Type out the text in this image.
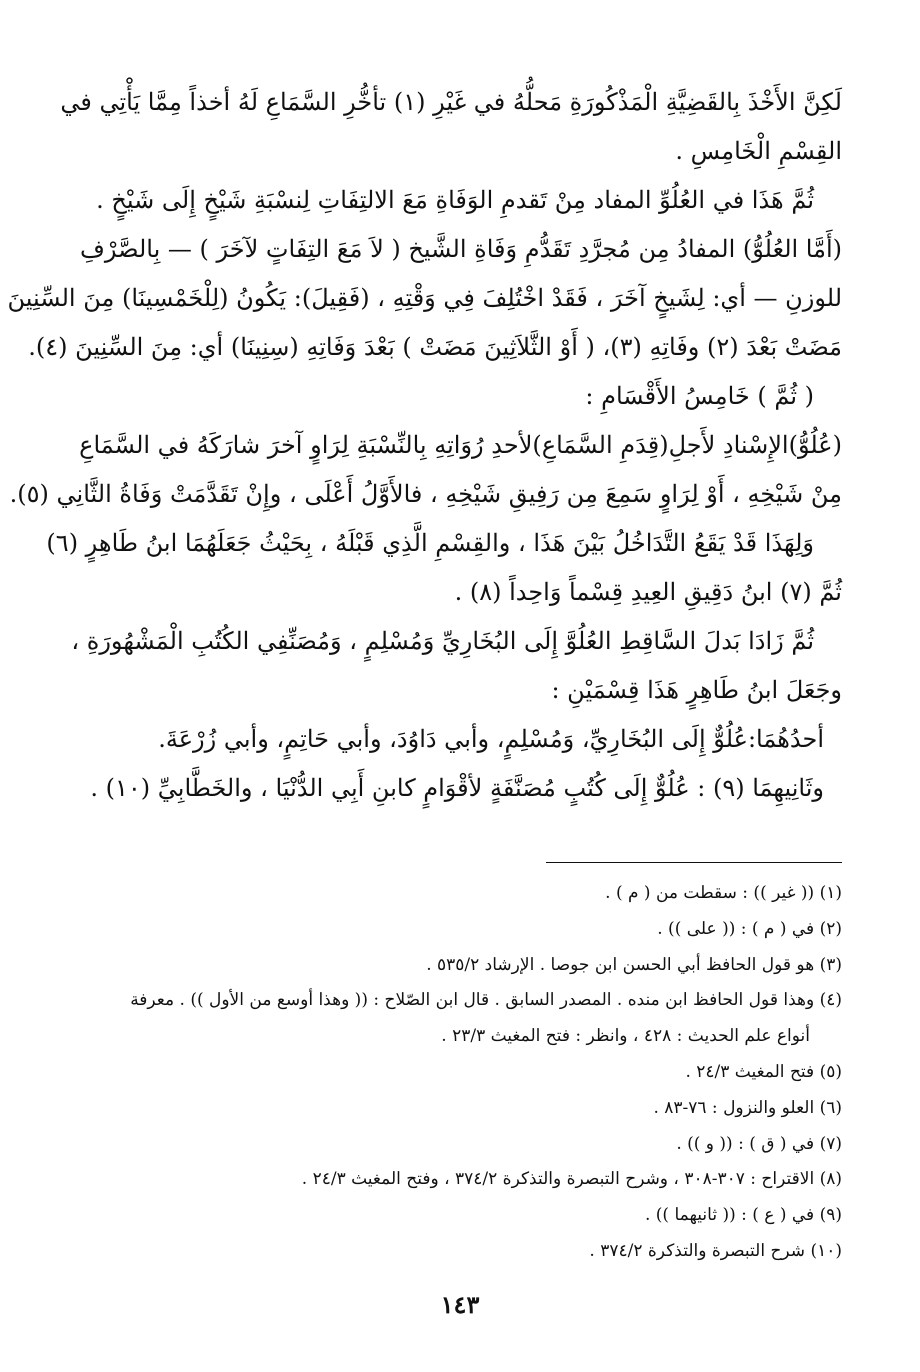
لَكِنَّ الأَخْذَ بِالقَضِيَّةِ الْمَذْكُورَةِ مَحلُّهُ في غَيْرِ (١) تأخُّرِ السَّمَاعِ لَهُ أخذاً مِمَّا يَأْتِي في
القِسْمِ الْخَامِسِ .
ثُمَّ هَذَا في العُلُوِّ المفاد مِنْ تَقدمِ الوَفَاةِ مَعَ الالتِفَاتِ لِنسْبَةِ شَيْخٍ إِلَى شَيْخٍ .
(أَمَّا العُلُوُّ) المفادُ مِن مُجرَّدِ تَقَدُّمِ وَفَاةِ الشَّيخ ( لاَ مَعَ التِفَاتٍ لآخَرَ ) — بِالصَّرْفِ
للوزنِ — أي: لِشَيخٍ آخَرَ ، فَقَدْ اخْتُلِفَ فِي وَقْتِهِ ، (فَقِيلَ): يَكُونُ (لِلْخَمْسِينَا) مِنَ السِّنِينَ
مَضَتْ بَعْدَ (٢) وفَاتِهِ (٣)، ( أَوْ الثَّلاَثِينَ مَضَتْ ) بَعْدَ وَفَاتِهِ (سِنِينَا) أي: مِنَ السِّنِينَ (٤).
( ثُمَّ ) خَامِسُ الأَقْسَامِ :
(عُلُوُّ)الإِسْنادِ لأَجلِ(قِدَمِ السَّمَاعِ)لأحدِ رُوَاتِهِ بِالنِّسْبَةِ لِرَاوٍ آخرَ شارَكَهُ في السَّمَاعِ
مِنْ شَيْخِهِ ، أَوْ لِرَاوٍ سَمِعَ مِن رَفِيقِ شَيْخِهِ ، فالأَوَّلُ أَعْلَى ، وإِنْ تَقَدَّمَتْ وَفَاةُ الثَّانِي (٥).
وَلِهَذَا قَدْ يَقَعُ التَّدَاخُلُ بَيْنَ هَذَا ، والقِسْمِ الَّذِي قَبْلَهُ ، بِحَيْثُ جَعَلَهُمَا ابنُ طَاهِرٍ (٦)
ثُمَّ (٧) ابنُ دَقِيقِ العِيدِ قِسْماً وَاحِداً (٨) .
ثُمَّ زَادَا بَدلَ السَّاقِطِ العُلُوَّ إِلَى البُخَارِيِّ وَمُسْلِمٍ ، وَمُصَنِّفِي الكُتُبِ الْمَشْهُورَةِ ،
وجَعَلَ ابنُ طَاهِرٍ هَذَا قِسْمَيْنِ :
أحدُهُمَا:عُلُوٌّ إِلَى البُخَارِيِّ، وَمُسْلِمٍ، وأبي دَاوُدَ، وأبي حَاتِمٍ، وأبي زُرْعَةَ.
وثَانِيهِمَا (٩) : عُلُوٌّ إِلَى كُتُبٍ مُصَنَّفَةٍ لأقْوَامٍ كابنِ أَبِي الدُّنْيَا ، والخَطَّابِيِّ (١٠) .
(١) (( غير )) : سقطت من ( م ) .
(٢) في ( م ) : (( على )) .
(٣) هو قول الحافظ أبي الحسن ابن جوصا . الإرشاد ٥٣٥/٢ .
(٤) وهذا قول الحافظ ابن منده . المصدر السابق . قال ابن الصّلاح : (( وهذا أوسع من الأول )) . معرفة
أنواع علم الحديث : ٤٢٨ ، وانظر : فتح المغيث ٢٣/٣ .
(٥) فتح المغيث ٢٤/٣ .
(٦) العلو والنزول : ٧٦-٨٣ .
(٧) في ( ق ) : (( و )) .
(٨) الاقتراح : ٣٠٧-٣٠٨ ، وشرح التبصرة والتذكرة ٣٧٤/٢ ، وفتح المغيث ٢٤/٣ .
(٩) في ( ع ) : (( ثانيهما )) .
(١٠) شرح التبصرة والتذكرة ٣٧٤/٢ .
١٤٣
